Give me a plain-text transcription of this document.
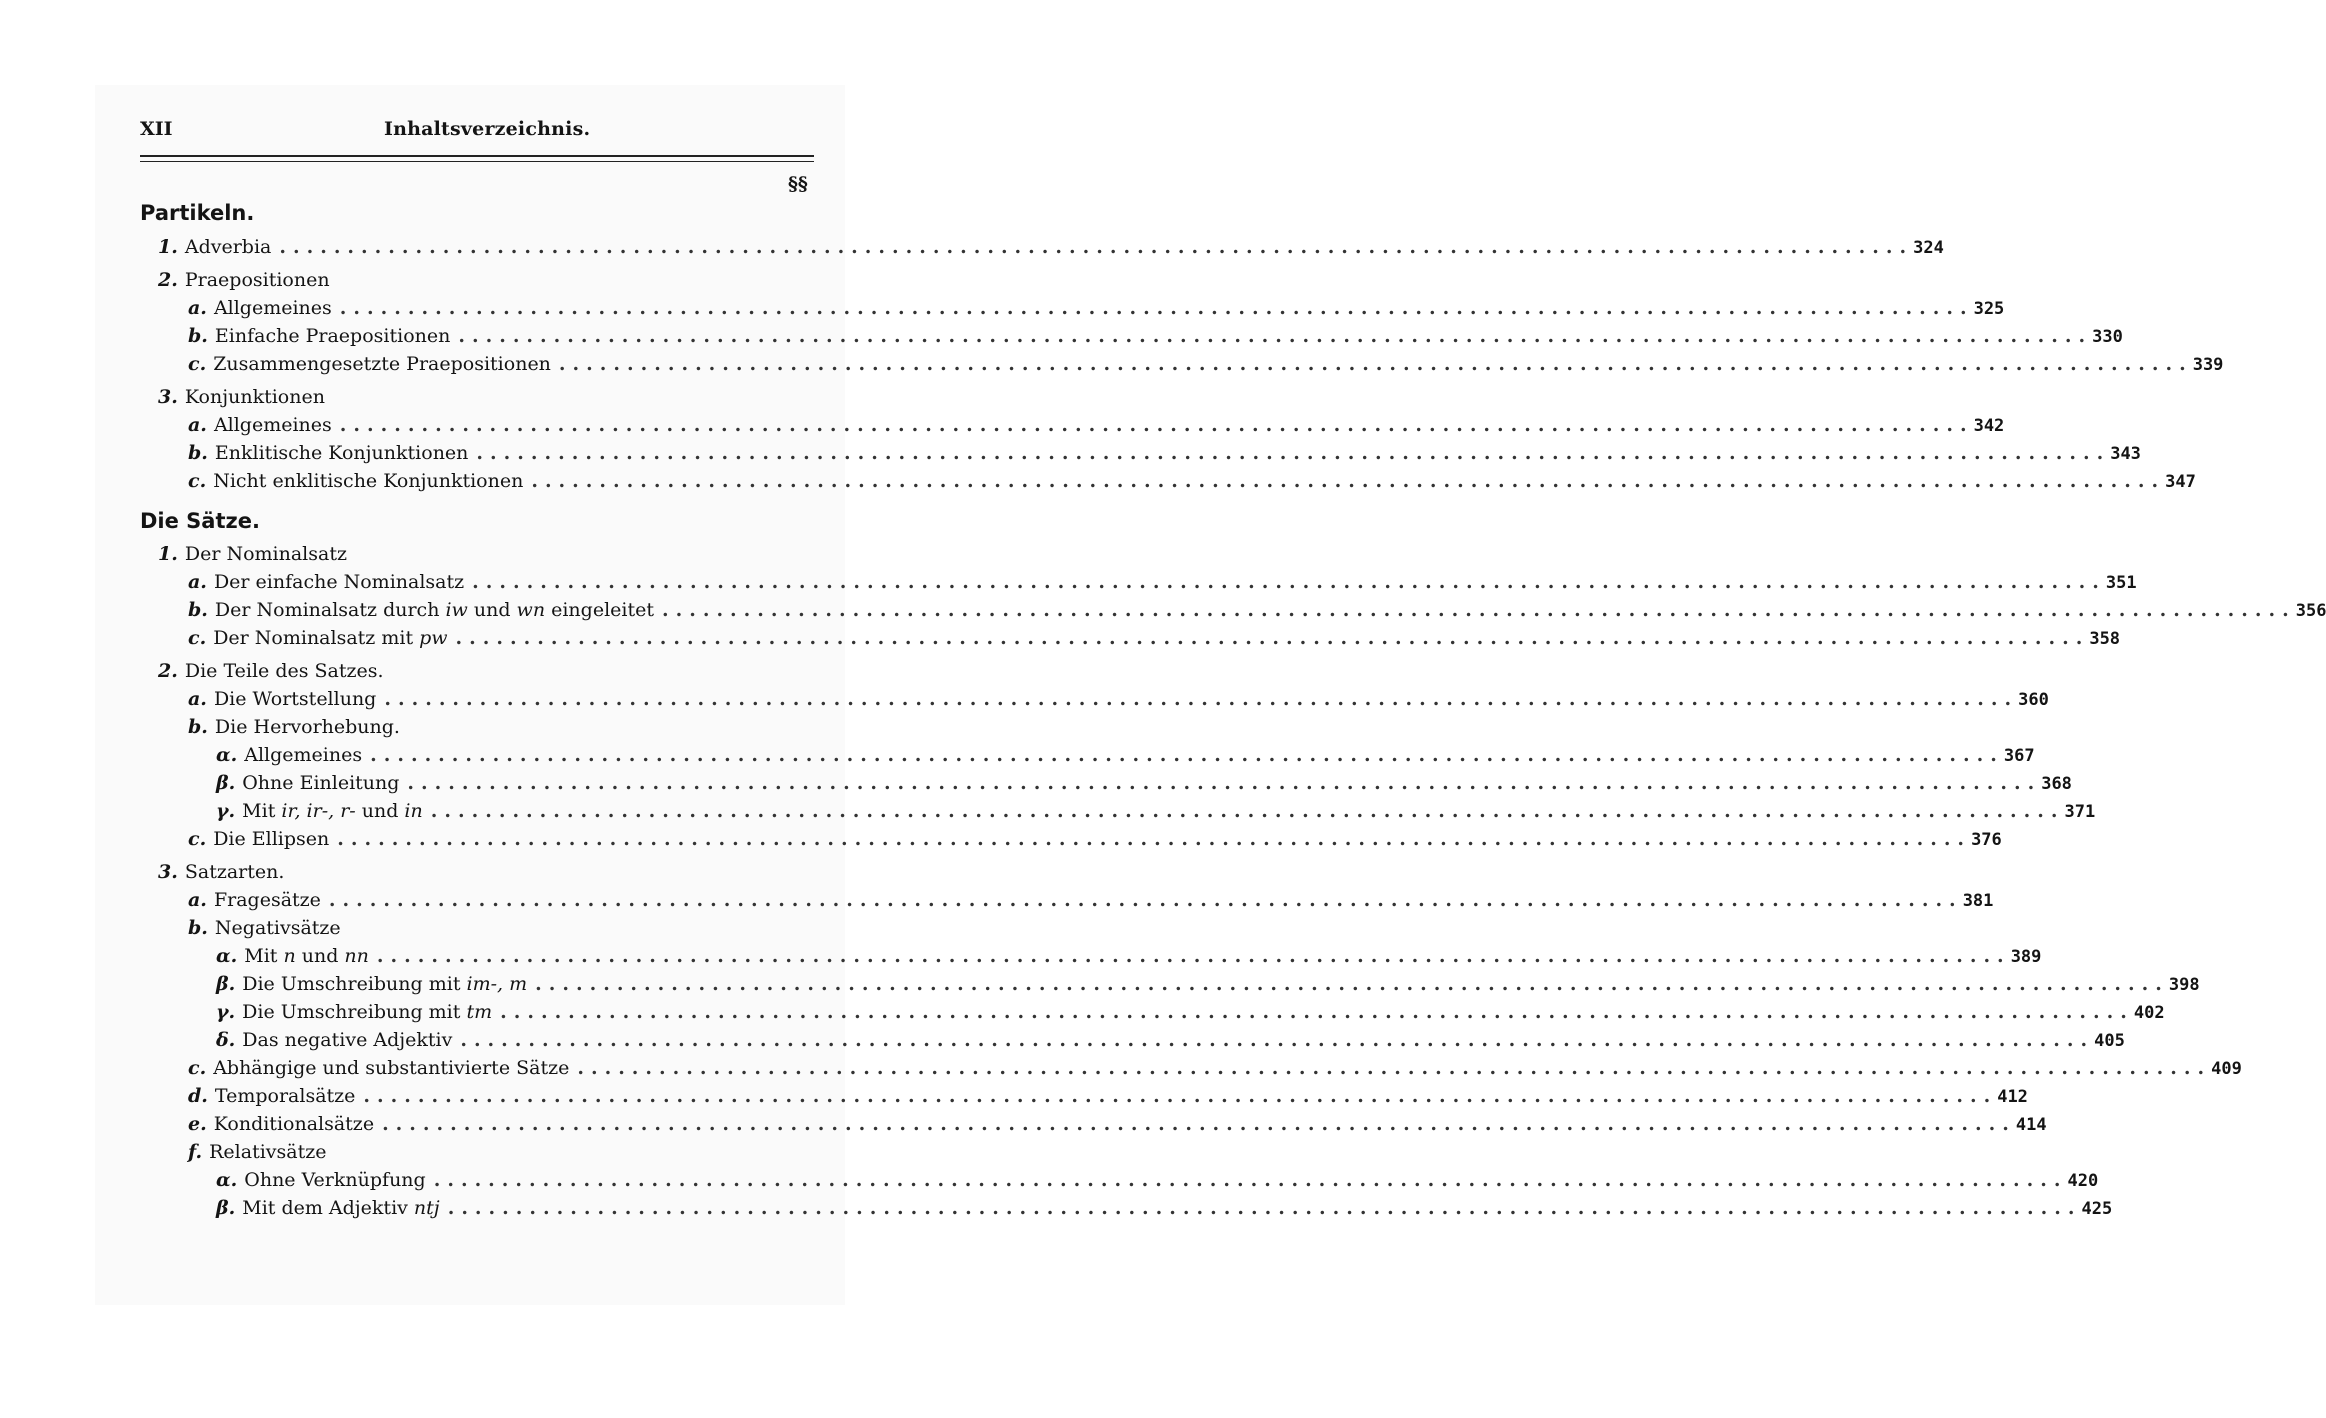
XII	Inhaltsverzeichnis.
§§
Partikeln.
Die Sätze.
1. Adverbia ........................................................................................................................ 324
2. Praepositionen
a. Allgemeines ........................................................................................................................ 325
b. Einfache Praepositionen ........................................................................................................................ 330
c. Zusammengesetzte Praepositionen ........................................................................................................................ 339
3. Konjunktionen
a. Allgemeines ........................................................................................................................ 342
b. Enklitische Konjunktionen ........................................................................................................................ 343
c. Nicht enklitische Konjunktionen ........................................................................................................................ 347
1. Der Nominalsatz
a. Der einfache Nominalsatz ........................................................................................................................ 351
b. Der Nominalsatz durch iw und wn eingeleitet ........................................................................................................................ 356
c. Der Nominalsatz mit pw ........................................................................................................................ 358
2. Die Teile des Satzes.
a. Die Wortstellung ........................................................................................................................ 360
b. Die Hervorhebung.
α. Allgemeines ........................................................................................................................ 367
β. Ohne Einleitung ........................................................................................................................ 368
γ. Mit ir, ir-, r- und in ........................................................................................................................ 371
c. Die Ellipsen ........................................................................................................................ 376
3. Satzarten.
a. Fragesätze ........................................................................................................................ 381
b. Negativsätze
α. Mit n und nn ........................................................................................................................ 389
β. Die Umschreibung mit im-, m ........................................................................................................................ 398
γ. Die Umschreibung mit tm ........................................................................................................................ 402
δ. Das negative Adjektiv ........................................................................................................................ 405
c. Abhängige und substantivierte Sätze ........................................................................................................................ 409
d. Temporalsätze ........................................................................................................................ 412
e. Konditionalsätze ........................................................................................................................ 414
f. Relativsätze
α. Ohne Verknüpfung ........................................................................................................................ 420
β. Mit dem Adjektiv ntj ........................................................................................................................ 425
